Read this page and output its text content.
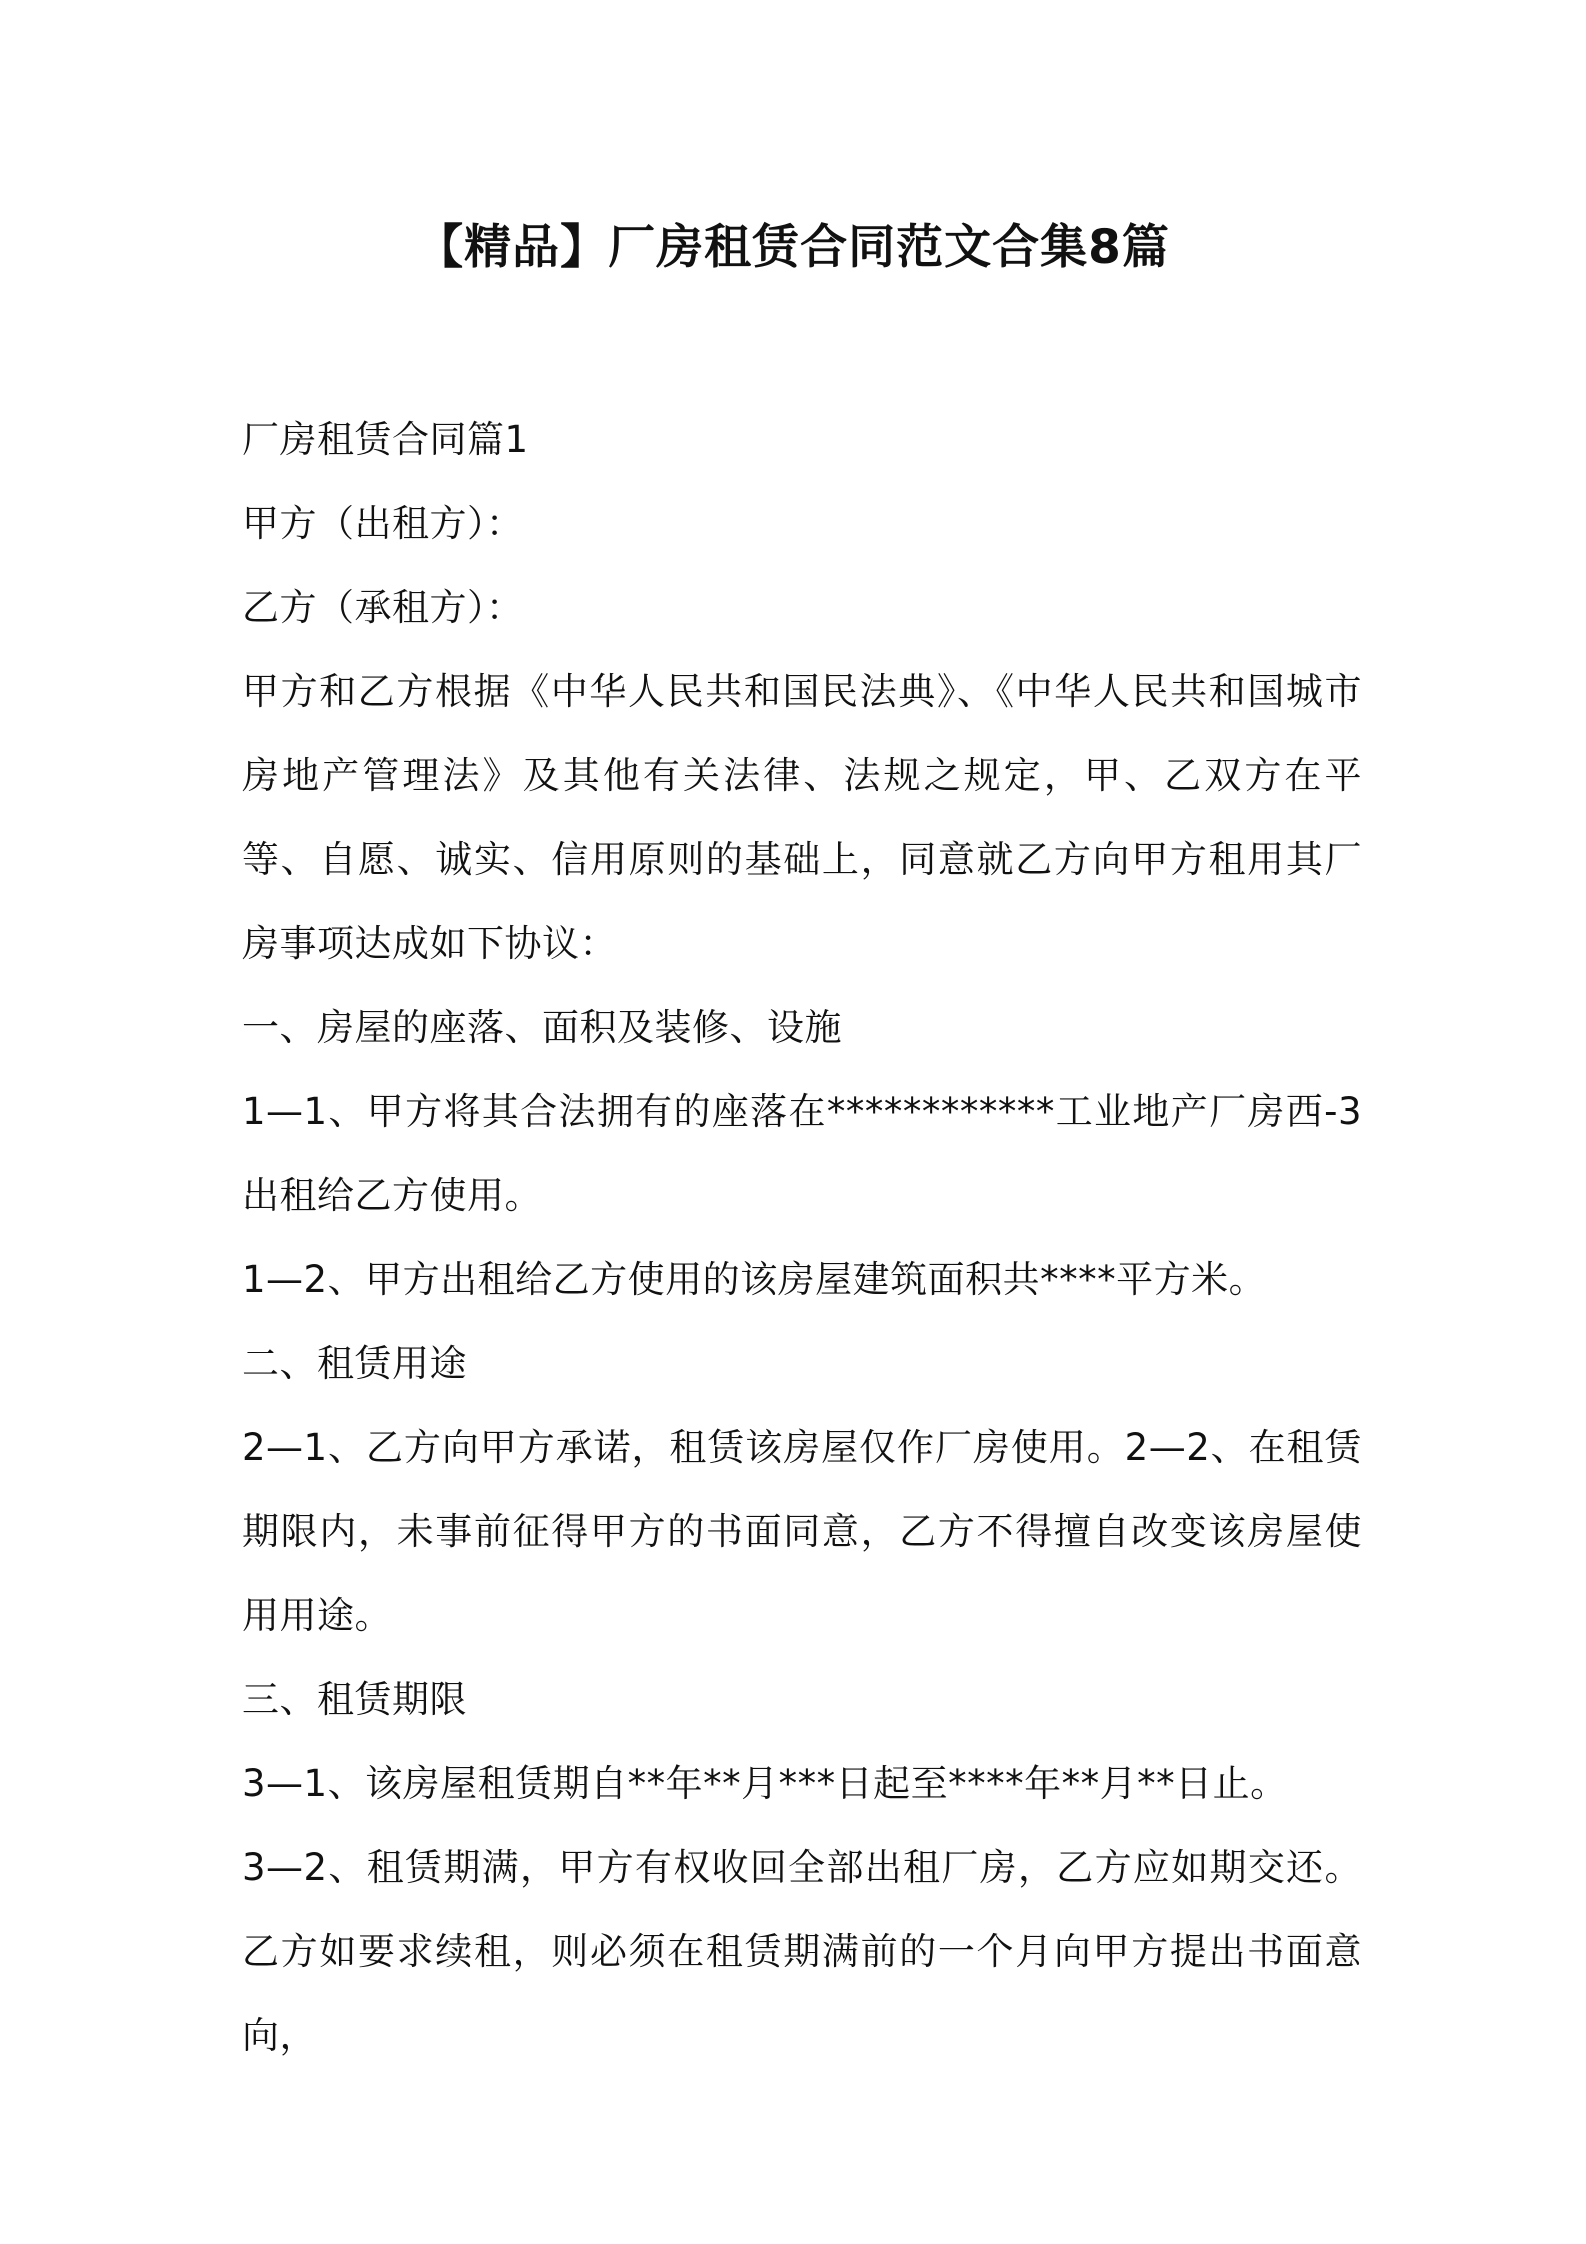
【精品】厂房租赁合同范文合集8篇

厂房租赁合同篇1

甲方（出租方）：

乙方（承租方）：

甲方和乙方根据《中华人民共和国民法典》、《中华人民共和国城市房地产管理法》及其他有关法律、法规之规定，甲、乙双方在平等、自愿、诚实、信用原则的基础上，同意就乙方向甲方租用其厂房事项达成如下协议：

一、房屋的座落、面积及装修、设施

1—1、甲方将其合法拥有的座落在************工业地产厂房西-3出租给乙方使用。

1—2、甲方出租给乙方使用的该房屋建筑面积共****平方米。

二、租赁用途

2—1、乙方向甲方承诺，租赁该房屋仅作厂房使用。2—2、在租赁期限内，未事前征得甲方的书面同意，乙方不得擅自改变该房屋使用用途。

三、租赁期限

3—1、该房屋租赁期自**年**月***日起至****年**月**日止。

3—2、租赁期满，甲方有权收回全部出租厂房，乙方应如期交还。乙方如要求续租，则必须在租赁期满前的一个月向甲方提出书面意向，
